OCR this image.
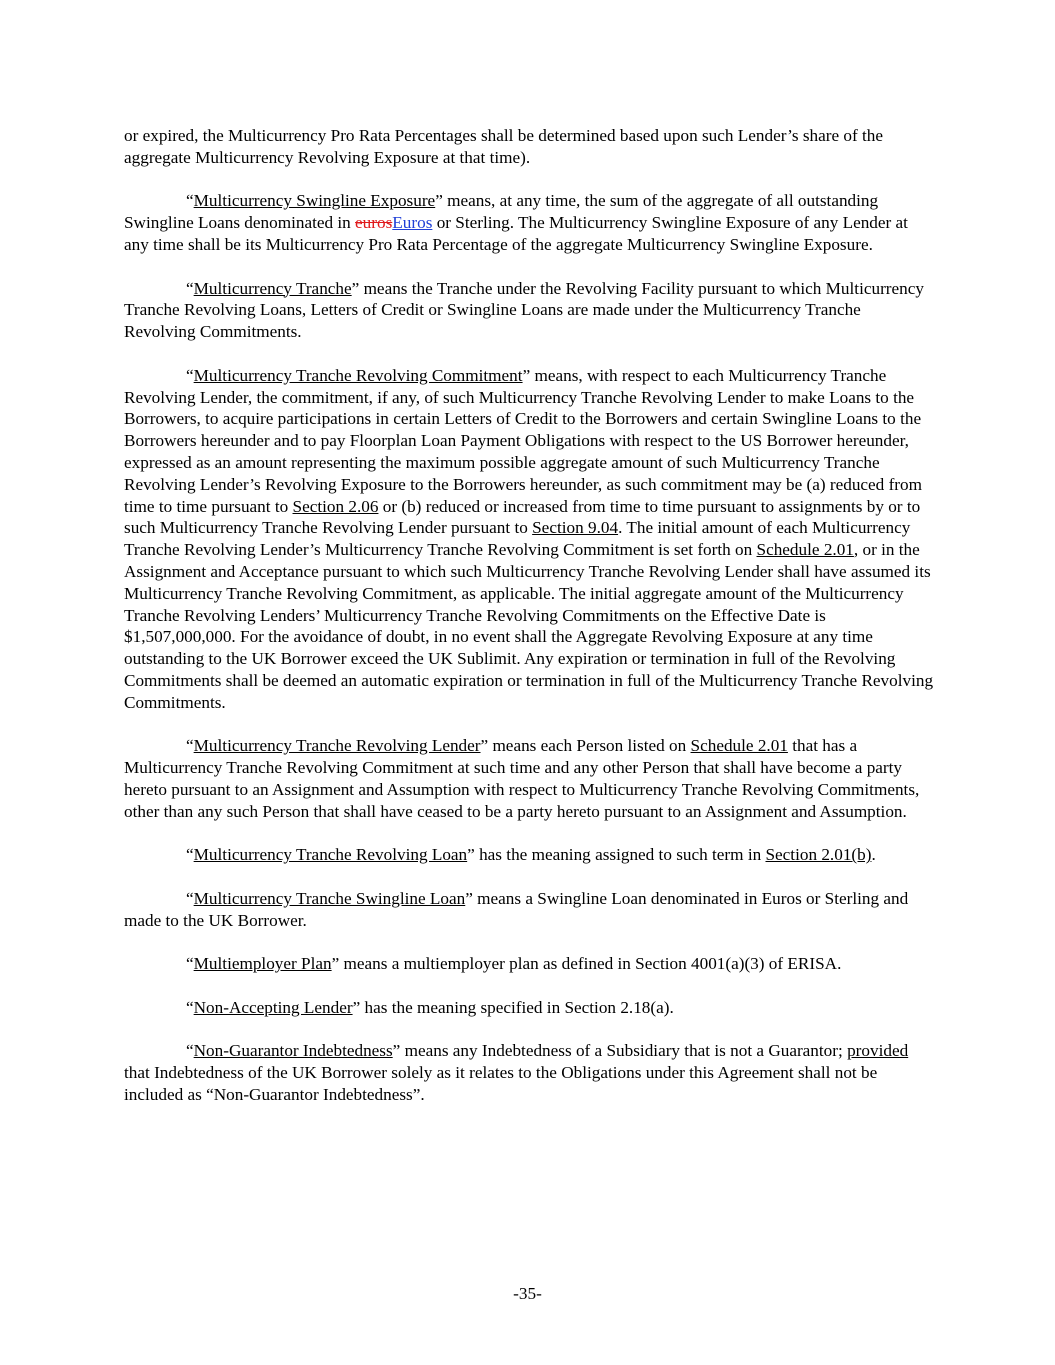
or expired, the Multicurrency Pro Rata Percentages shall be determined based upon such Lender’s share of the aggregate Multicurrency Revolving Exposure at that time).

“Multicurrency Swingline Exposure” means, at any time, the sum of the aggregate of all outstanding Swingline Loans denominated in eurosEuros or Sterling. The Multicurrency Swingline Exposure of any Lender at any time shall be its Multicurrency Pro Rata Percentage of the aggregate Multicurrency Swingline Exposure.

“Multicurrency Tranche” means the Tranche under the Revolving Facility pursuant to which Multicurrency Tranche Revolving Loans, Letters of Credit or Swingline Loans are made under the Multicurrency Tranche Revolving Commitments.

“Multicurrency Tranche Revolving Commitment” means, with respect to each Multicurrency Tranche Revolving Lender, the commitment, if any, of such Multicurrency Tranche Revolving Lender to make Loans to the Borrowers, to acquire participations in certain Letters of Credit to the Borrowers and certain Swingline Loans to the Borrowers hereunder and to pay Floorplan Loan Payment Obligations with respect to the US Borrower hereunder, expressed as an amount representing the maximum possible aggregate amount of such Multicurrency Tranche Revolving Lender’s Revolving Exposure to the Borrowers hereunder, as such commitment may be (a) reduced from time to time pursuant to Section 2.06 or (b) reduced or increased from time to time pursuant to assignments by or to such Multicurrency Tranche Revolving Lender pursuant to Section 9.04. The initial amount of each Multicurrency Tranche Revolving Lender’s Multicurrency Tranche Revolving Commitment is set forth on Schedule 2.01, or in the Assignment and Acceptance pursuant to which such Multicurrency Tranche Revolving Lender shall have assumed its Multicurrency Tranche Revolving Commitment, as applicable. The initial aggregate amount of the Multicurrency Tranche Revolving Lenders’ Multicurrency Tranche Revolving Commitments on the Effective Date is $1,507,000,000. For the avoidance of doubt, in no event shall the Aggregate Revolving Exposure at any time outstanding to the UK Borrower exceed the UK Sublimit. Any expiration or termination in full of the Revolving Commitments shall be deemed an automatic expiration or termination in full of the Multicurrency Tranche Revolving Commitments.

“Multicurrency Tranche Revolving Lender” means each Person listed on Schedule 2.01 that has a Multicurrency Tranche Revolving Commitment at such time and any other Person that shall have become a party hereto pursuant to an Assignment and Assumption with respect to Multicurrency Tranche Revolving Commitments, other than any such Person that shall have ceased to be a party hereto pursuant to an Assignment and Assumption.

“Multicurrency Tranche Revolving Loan” has the meaning assigned to such term in Section 2.01(b).

“Multicurrency Tranche Swingline Loan” means a Swingline Loan denominated in Euros or Sterling and made to the UK Borrower.

“Multiemployer Plan” means a multiemployer plan as defined in Section 4001(a)(3) of ERISA.

“Non-Accepting Lender” has the meaning specified in Section 2.18(a).

“Non-Guarantor Indebtedness” means any Indebtedness of a Subsidiary that is not a Guarantor; provided that Indebtedness of the UK Borrower solely as it relates to the Obligations under this Agreement shall not be included as “Non-Guarantor Indebtedness”.

-35-
